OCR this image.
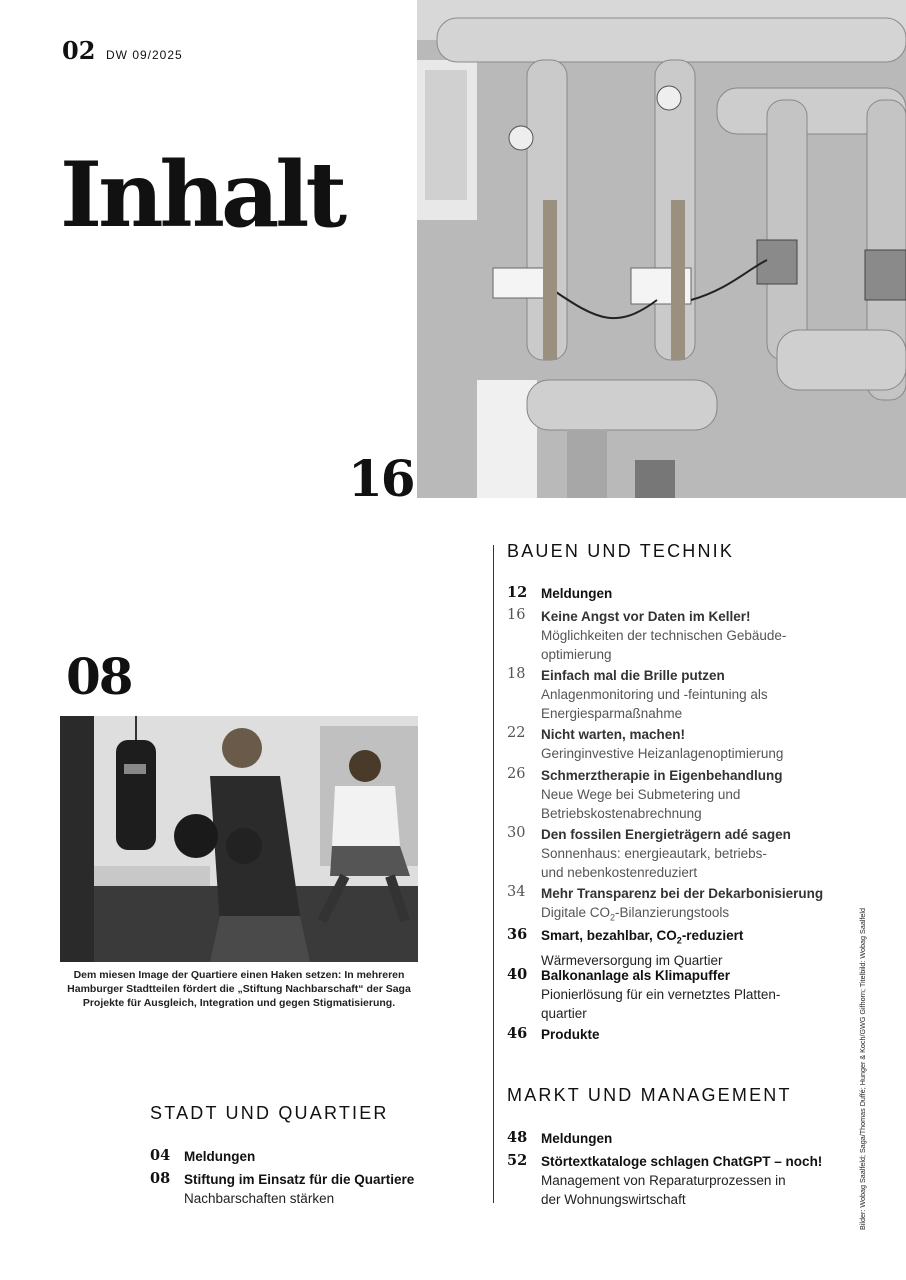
02 DW 09/2025
Inhalt
16
08
Dem miesen Image der Quartiere einen Haken setzen: In mehreren Hamburger Stadtteilen fördert die „Stiftung Nachbarschaft“ der Saga Projekte für Ausgleich, Integration und gegen Stigmatisierung.
BAUEN UND TECHNIK
12 Meldungen
16 Keine Angst vor Daten im Keller!
Möglichkeiten der technischen Gebäude-
optimierung
18 Einfach mal die Brille putzen
Anlagenmonitoring und -feintuning als
Energiesparmaßnahme
22 Nicht warten, machen!
Geringinvestive Heizanlagenoptimierung
26 Schmerztherapie in Eigenbehandlung
Neue Wege bei Submetering und
Betriebskostenabrechnung
30 Den fossilen Energieträgern adé sagen
Sonnenhaus: energieautark, betriebs-
und nebenkostenreduziert
34 Mehr Transparenz bei der Dekarbonisierung
Digitale $CO_2$-Bilanzierungstools
36 Smart, bezahlbar, $CO_2$-reduziert
Wärmeversorgung im Quartier
40 Balkonanlage als Klimapuffer
Pionierlösung für ein vernetztes Platten-
quartier
46 Produkte
MARKT UND MANAGEMENT
48 Meldungen
52 Störtextkataloge schlagen ChatGPT – noch!
Management von Reparaturprozessen in
der Wohnungswirtschaft
STADT UND QUARTIER
04 Meldungen
08 Stiftung im Einsatz für die Quartiere
Nachbarschaften stärken	Bilder: Wobag Saalfeld; Saga/Thomas Duffé; Hunger & Koch/GWG Gifhorn; Titelbild: Wobag Saalfeld
